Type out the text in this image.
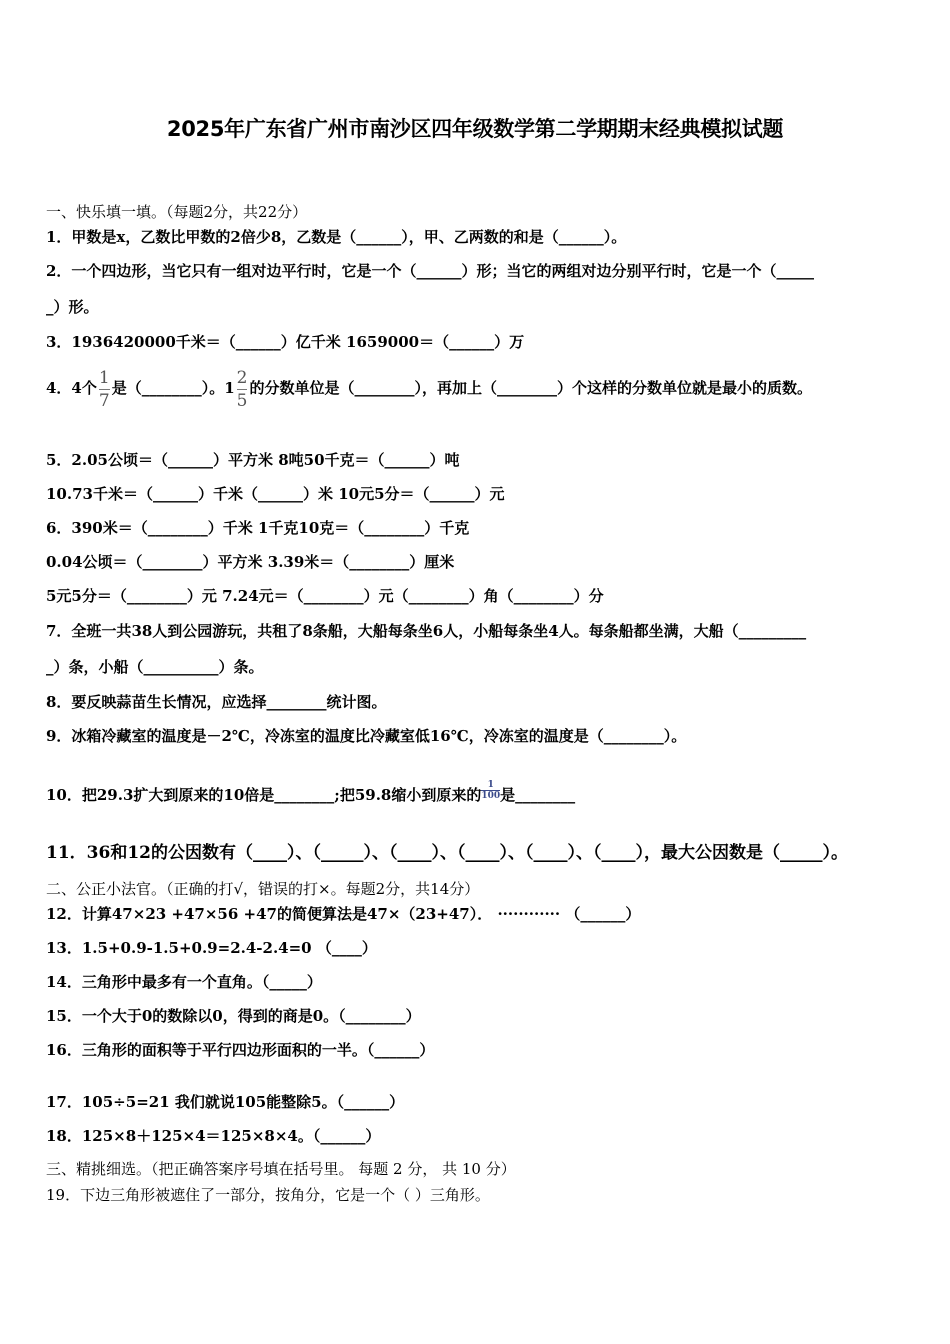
2025年广东省广州市南沙区四年级数学第二学期期末经典模拟试题
一、快乐填一填。（每题2分，共22分）
1．甲数是x，乙数比甲数的2倍少8，乙数是（______），甲、乙两数的和是（______）。
2．一个四边形，当它只有一组对边平行时，它是一个（______）形；当它的两组对边分别平行时，它是一个（_____
_）形。
3．1936420000千米＝（______）亿千米 1659000＝（______）万
4．4个 $\frac{1}{7}$ 是（________）。$1 \frac{2}{5}$ 的分数单位是（________），再加上（________）个这样的分数单位就是最小的质数。
5．2.05公顷＝（______）平方米 8吨50千克＝（______）吨
10.73千米＝（______）千米（______）米 10元5分＝（______）元
6．390米＝（________）千米 1千克10克＝（________）千克
0.04公顷＝（________）平方米 3.39米＝（________）厘米
5元5分＝（________）元 7.24元＝（________）元（________）角（________）分
7．全班一共38人到公园游玩，共租了8条船，大船每条坐6人，小船每条坐4人。每条船都坐满，大船（_________
_）条，小船（__________）条。
8．要反映蒜苗生长情况，应选择________统计图。
9．冰箱冷藏室的温度是－2℃，冷冻室的温度比冷藏室低16℃，冷冻室的温度是（________）。
10．把29.3扩大到原来的10倍是________;把59.8缩小到原来的$\frac{1}{100}$是________
11．36和12的公因数有（____）、（_____）、（____）、（____）、（____）、（____），最大公因数是（_____）。
二、公正小法官。（正确的打√，错误的打×。每题2分，共14分）
12．计算47×23 +47×56 +47的简便算法是47×（23+47）． ············ （______）
13．1.5+0.9-1.5+0.9=2.4-2.4=0 （____）
14．三角形中最多有一个直角。（_____）
15．一个大于0的数除以0，得到的商是0。（________）
16．三角形的面积等于平行四边形面积的一半。（______）
17．105÷5=21 我们就说105能整除5。（______）
18．125×8＋125×4＝125×8×4。（______）
三、精挑细选。（把正确答案序号填在括号里。 每题 2 分， 共 10 分）
19．下边三角形被遮住了一部分，按角分，它是一个（ ）三角形。
